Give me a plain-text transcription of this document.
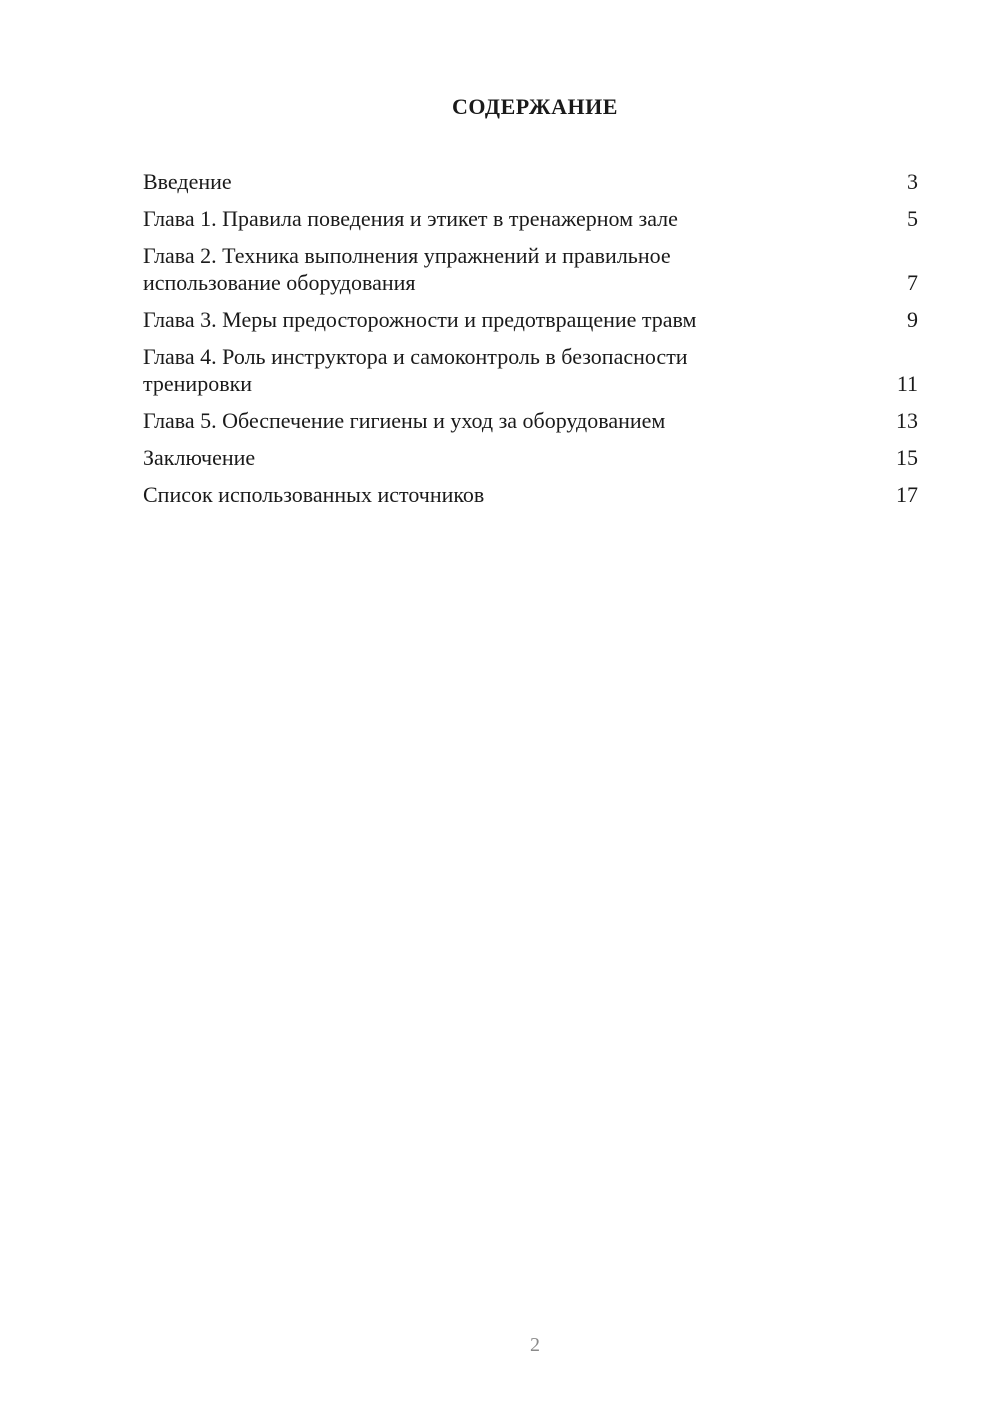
СОДЕРЖАНИЕ
Введение	3
Глава 1. Правила поведения и этикет в тренажерном зале	5
Глава 2. Техника выполнения упражнений и правильное
использование оборудования	7
Глава 3. Меры предосторожности и предотвращение травм	9
Глава 4. Роль инструктора и самоконтроль в безопасности
тренировки	11
Глава 5. Обеспечение гигиены и уход за оборудованием	13
Заключение	15
Список использованных источников	17
2
